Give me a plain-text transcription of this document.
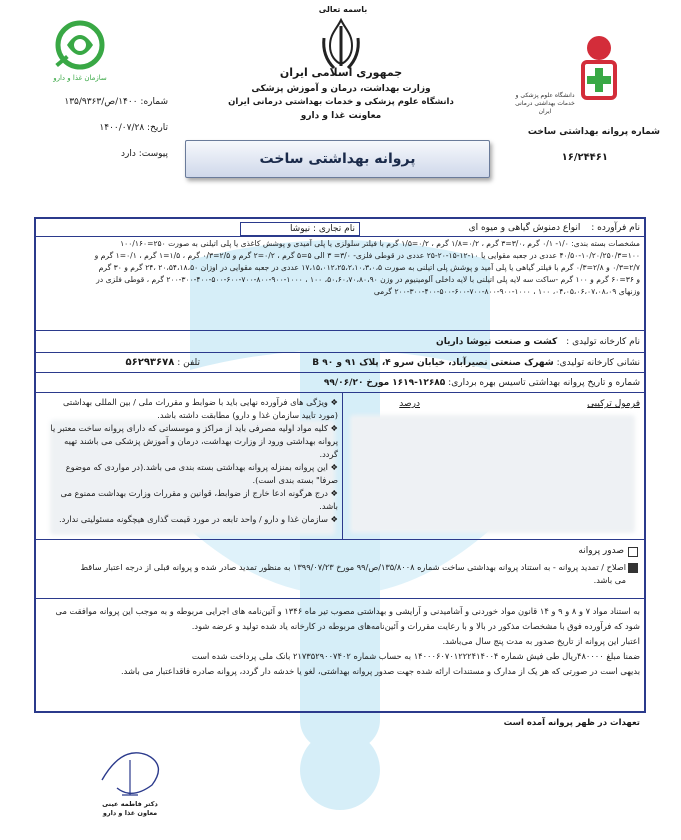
باسمه تعالی
جمهوری اسلامی ایران
وزارت بهداشت، درمان و آموزش پزشکی
دانشگاه علوم پزشکی و خدمات بهداشتی درمانی ایران
معاونت غذا و دارو
سازمان غذا و دارو
دانشگاه علوم پزشکی و خدمات بهداشتی درمانی ایران
شماره: ۱۴۰۰/ص/۱۳۵/۹۳۶۳
تاریخ: ۱۴۰۰/۰۷/۲۸
پیوست: دارد
شماره پروانه بهداشتی ساخت
۱۶/۲۴۴۶۱
پروانه بهداشتی ساخت
نام فرآورده : انواع دمنوش گیاهی و میوه ای
نام تجاری : نیوشا
مشخصات بسته بندی: ۱/۰- ۰/۱ گرم ،۳/۰=۳ گرم ، ۰/۲=۱/۸ گرم ، ۰/۲=۱/۵ گرم با فیلتر سلولزی یا پلی آمیدی و پوشش کاغذی یا پلی اتیلنی به صورت ۲۵۰=۱۰۰/۱۶۰
۱۰۰=۴۰/۵۰-۱۰/۲۰/۲۵۰/۳ عددی در جعبه مقوایی یا ۱۰-۱۲-۱۵-۲۰-۲۵ عددی در قوطی فلزی- ۳/۰= ۳ الی ۵=۵ گرم ، ۰/۲=۲ گرم و ۲/۵=۰/۳ گرم ، ۱/۵=۱ گرم ، ۰/۱=۱ گرم و
۲/۷=۰/۳ و ۲/۸=۰/۳ گرم با فیلتر گیاهی یا پلی آمید و پوشش پلی اتیلنی به صورت ۱۷،۱۵،۰۱۲،۲۵،۲،۱۰،۳،۰،۵ عددی در جعبه مقوایی در اوزان ۲۰،۵۴،۱۸،۵۰ ،۲۴ گرم و ۳۰ گرم
و ۳۶=۶۰ گرم و ۱۰۰ گرم -ساکت سه لایه پلی اتیلنی با لایه داخلی آلومینیوم در وزن ۵۰،۶۰،۷۰،۸۰،۹۰، ۱۰۰ ، ۱۰۰۰-۹۰۰-۸۰۰-۷۰۰-۶۰۰-۵۰۰-۴۰۰-۳۰۰-۲۰۰ گرم ، قوطی فلزی در
وزنهای ۰۴،۰۵،۰۶،۰۷،۰۸،۰۹، ۱۰۰ ، ۱۰۰۰-۹۰۰-۸۰۰-۷۰۰-۶۰۰-۵۰۰-۴۰۰-۳۰۰-۲۰۰ گرمی
نام کارخانه تولیدی : کشت و صنعت نیوشا داریان
نشانی کارخانه تولیدی: شهرک صنعتی نصیرآباد، خیابان سرو ۴، پلاک ۹۱ و ۹۰ B
تلفن : ۵۶۲۹۳۶۷۸
شماره و تاریخ پروانه بهداشتی تاسیس بهره برداری: ۱۲۶۸۵-۱۶۱۹ مورخ ۹۹/۰۶/۲۰
فرمول ترکیبی
درصد

❖ ویژگی های فرآورده نهایی باید با ضوابط و مقررات ملی / بین المللی بهداشتی (مورد تایید سازمان غذا و دارو) مطابقت داشته باشد.

❖ کلیه مواد اولیه مصرفی باید از مراکز و موسساتی که دارای پروانه ساخت معتبر یا پروانه بهداشتی ورود از وزارت بهداشت، درمان و آموزش پزشکی می باشند تهیه گردد.

❖ این پروانه بمنزله پروانه بهداشتی بسته بندی می باشد.(در مواردی که موضوع صرفا" بسته بندی است).

❖ درج هرگونه ادعا خارج از ضوابط، قوانین و مقررات وزارت بهداشت ممنوع می باشد.

❖ سازمان غذا و دارو / واحد تابعه در مورد قیمت گذاری هیچگونه مسئولیتی ندارد.

صدور پروانه
اصلاح / تمدید پروانه - به استناد پروانه بهداشتی ساخت شماره ۱۳۵/۸۰۰۸/ص/۹۹ مورخ ۱۳۹۹/۰۷/۲۳ به منظور تمدید صادر شده و پروانه قبلی از درجه اعتبار ساقط
می باشد.

به استناد مواد ۷ و ۸ و ۹ و ۱۴ قانون مواد خوردنی و آشامیدنی و آرایشی و بهداشتی مصوب تیر ماه ۱۳۴۶ و آئین‌نامه های اجرایی مربوطه و به موجب این پروانه موافقت می

شود که فرآورده فوق با مشخصات مذکور در بالا و با رعایت مقررات و آئین‌نامه‌های مربوطه در کارخانه یاد شده تولید و عرضه شود.

اعتبار این پروانه از تاریخ صدور به مدت پنج سال می‌باشد.

ضمنا مبلغ ۴۸۰۰۰۰ریال طی فیش شماره ۱۴۰۰۰۶۰۷۰۱۲۲۲۴۱۴۰۰۴ به حساب شماره ۲۱۷۳۵۲۹۰۰۷۴۰۲ بانک ملی پرداخت شده است

بدیهی است در صورتی که هر یک از مدارک و مستندات ارائه شده جهت صدور پروانه بهداشتی، لغو یا خدشه دار گردد، پروانه صادره فاقداعتبار می باشد.

تعهدات در ظهر پروانه آمده است
دکتر فاطمه عینی
معاون غذا و دارو
